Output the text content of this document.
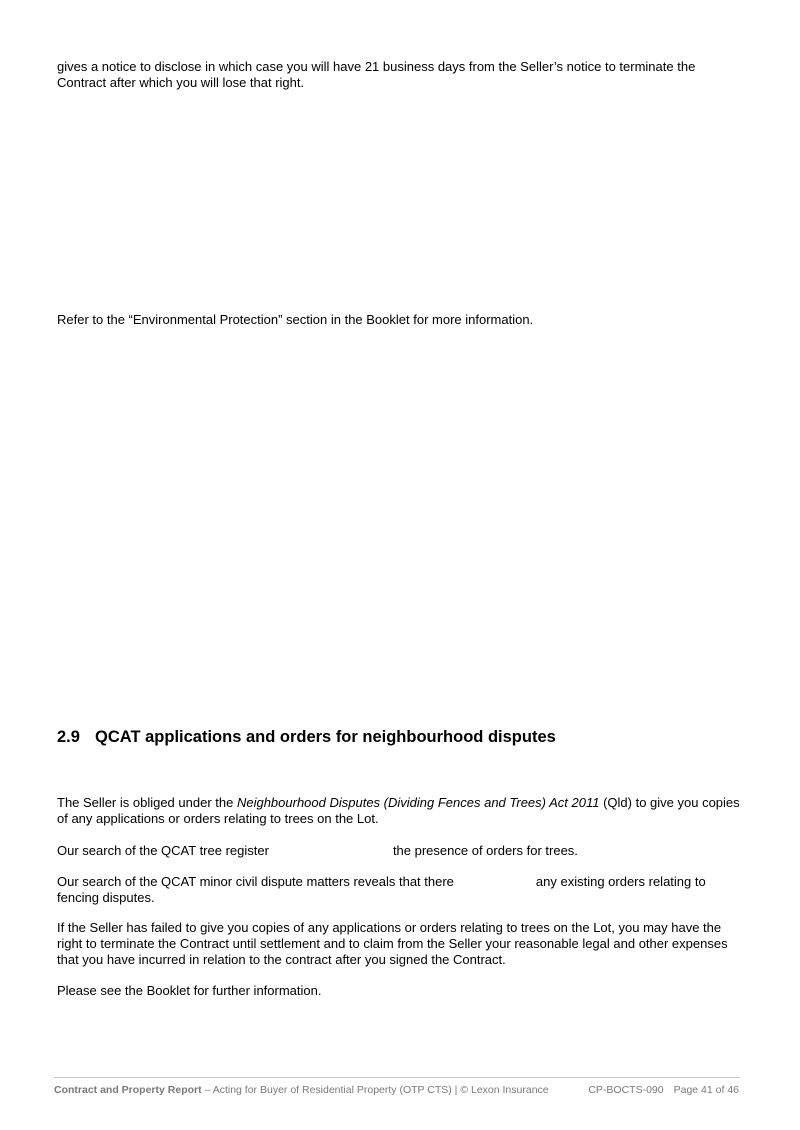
gives a notice to disclose in which case you will have 21 business days from the Seller’s notice to terminate the
Contract after which you will lose that right.

Refer to the “Environmental Protection” section in the Booklet for more information.

2.9 QCAT applications and orders for neighbourhood disputes

The Seller is obliged under the Neighbourhood Disputes (Dividing Fences and Trees) Act 2011 (Qld) to give you copies of any applications or orders relating to trees on the Lot.

Our search of the QCAT tree register	the presence of orders for trees.

Our search of the QCAT minor civil dispute matters reveals that there	any existing orders relating to
fencing disputes.

If the Seller has failed to give you copies of any applications or orders relating to trees on the Lot, you may have the right to terminate the Contract until settlement and to claim from the Seller your reasonable legal and other expenses that you have incurred in relation to the contract after you signed the Contract.

Please see the Booklet for further information.

Contract and Property Report – Acting for Buyer of Residential Property (OTP CTS) | © Lexon Insurance	CP-BOCTS-090 Page 41 of 46
